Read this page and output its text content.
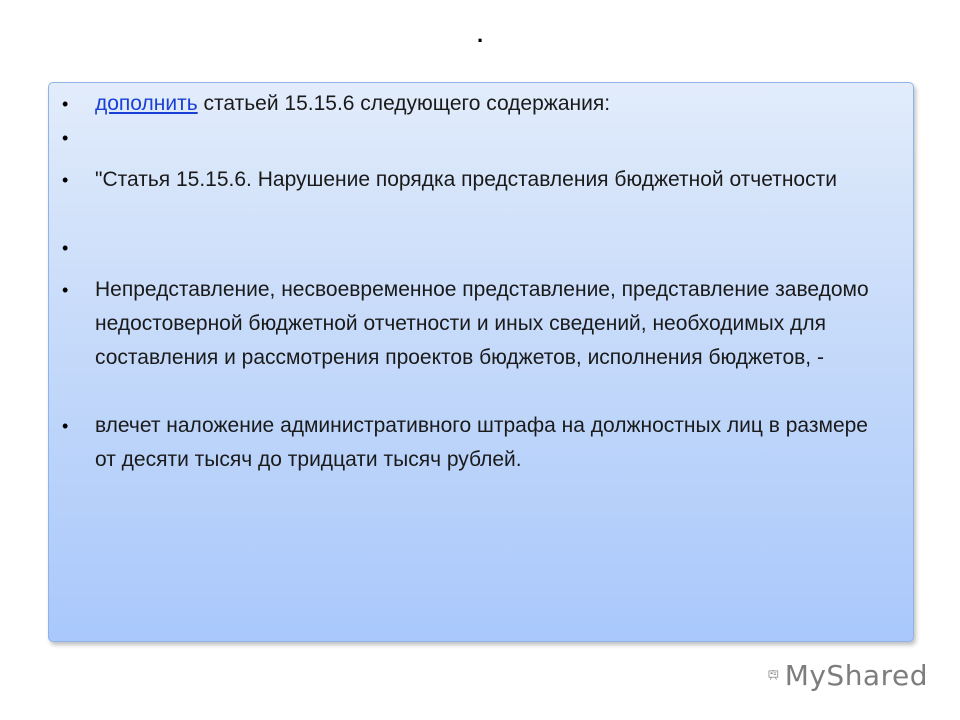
.
•	дополнить статьей 15.15.6 следующего содержания:
•
•	"Статья 15.15.6. Нарушение порядка представления бюджетной отчетности
•
•	Непредставление, несвоевременное представление, представление заведомо недостоверной бюджетной отчетности и иных сведений, необходимых для составления и рассмотрения проектов бюджетов, исполнения бюджетов, -
•	влечет наложение административного штрафа на должностных лиц в размере от десяти тысяч до тридцати тысяч рублей.
MyShared
